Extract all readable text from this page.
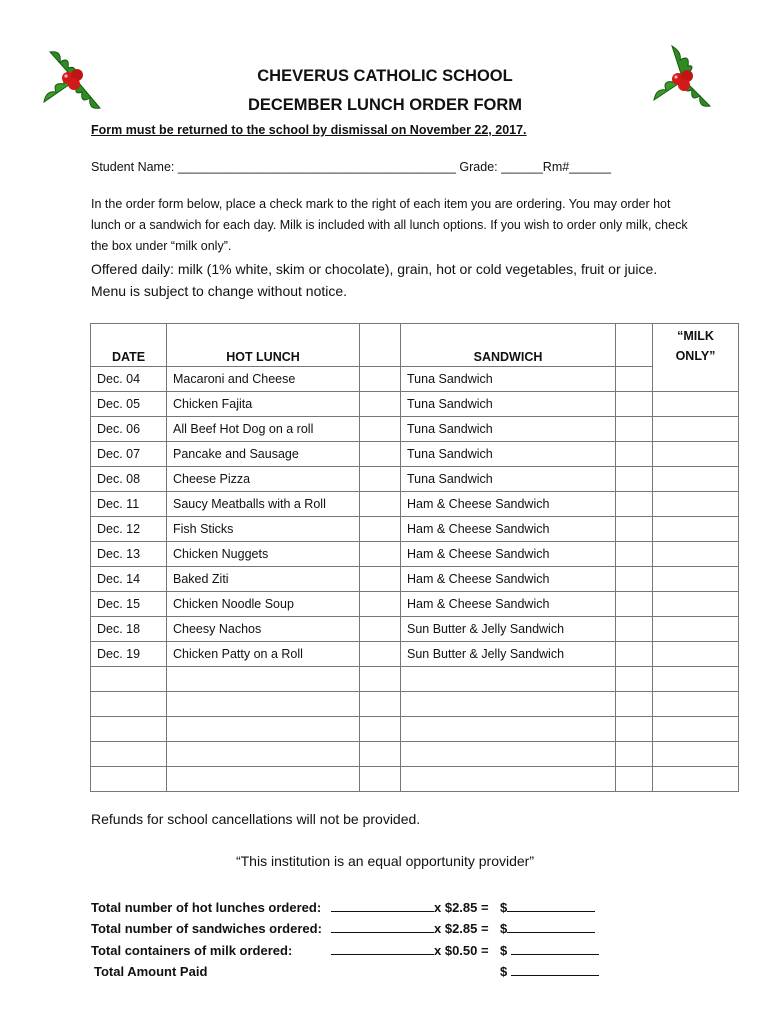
CHEVERUS CATHOLIC SCHOOL
DECEMBER LUNCH ORDER FORM
Form must be returned to the school by dismissal on November 22, 2017.
Student Name: ________________________________________ Grade: ______Rm#______
In the order form below, place a check mark to the right of each item you are ordering. You may order hot lunch or a sandwich for each day. Milk is included with all lunch options. If you wish to order only milk, check the box under “milk only”.
Offered daily: milk (1% white, skim or chocolate), grain, hot or cold vegetables, fruit or juice.
Menu is subject to change without notice.
DATE	HOT LUNCH		SANDWICH		“MILK
ONLY”
Dec. 04	Macaroni and Cheese		Tuna Sandwich		
Dec. 05	Chicken Fajita		Tuna Sandwich		
Dec. 06	All Beef Hot Dog on a roll		Tuna Sandwich		
Dec. 07	Pancake and Sausage		Tuna Sandwich		
Dec. 08	Cheese Pizza		Tuna Sandwich		
Dec. 11	Saucy Meatballs with a Roll		Ham & Cheese Sandwich		
Dec. 12	Fish Sticks		Ham & Cheese Sandwich		
Dec. 13	Chicken Nuggets		Ham & Cheese Sandwich		
Dec. 14	Baked Ziti		Ham & Cheese Sandwich		
Dec. 15	Chicken Noodle Soup		Ham & Cheese Sandwich		
Dec. 18	Cheesy Nachos		Sun Butter & Jelly Sandwich		
Dec. 19	Chicken Patty on a Roll		Sun Butter & Jelly Sandwich		

Refunds for school cancellations will not be provided.
“This institution is an equal opportunity provider”
Total number of hot lunches ordered:	x $2.85 = $
Total number of sandwiches ordered:	x $2.85 = $
Total containers of milk ordered:	x $0.50 = $
Total Amount Paid	$
